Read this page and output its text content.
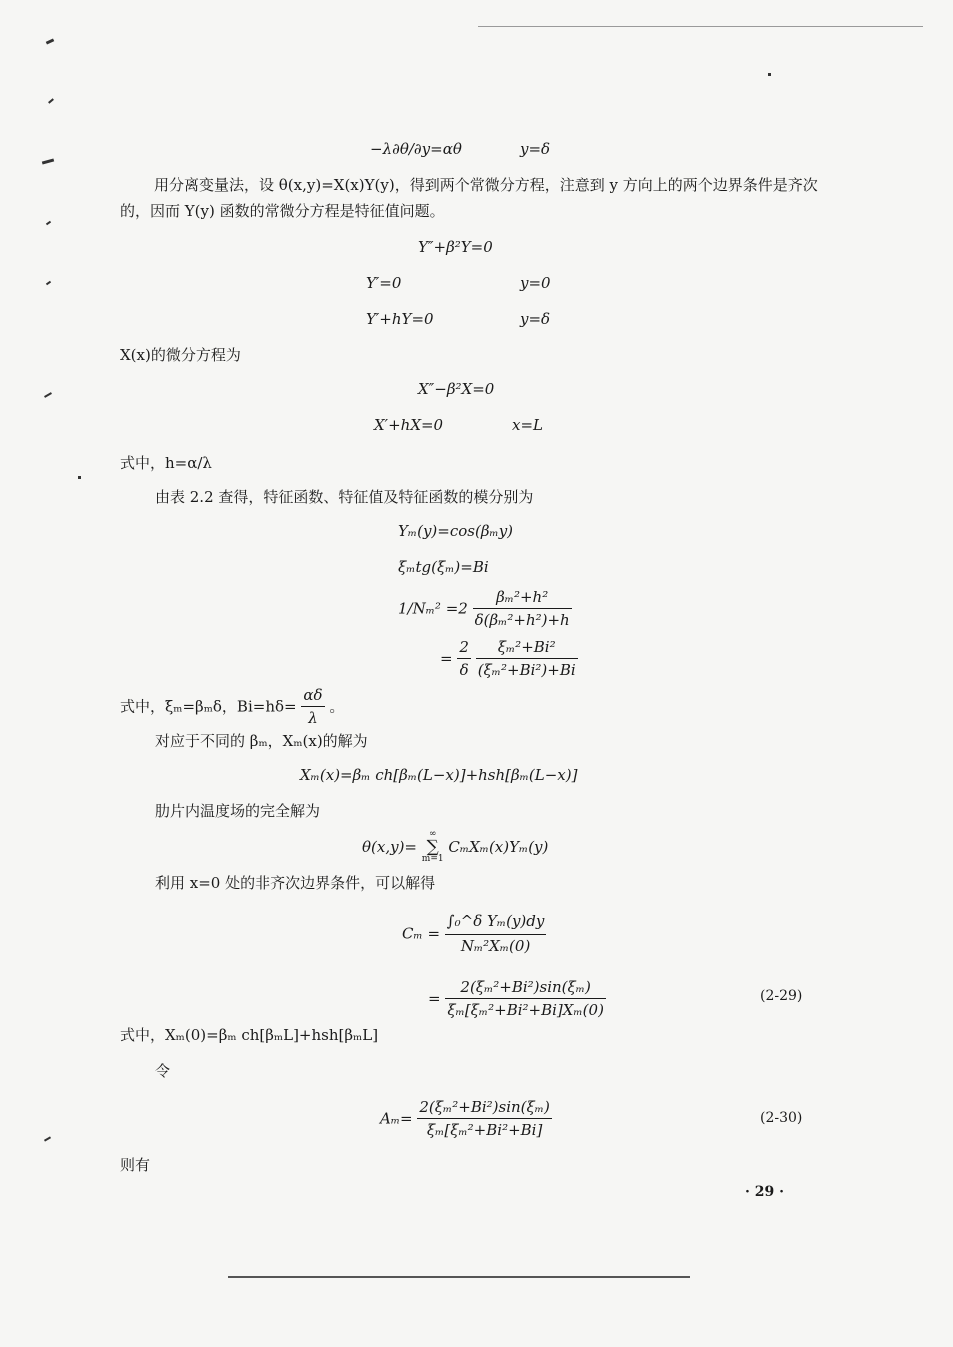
−λ∂θ/∂y=αθ	y=δ
用分离变量法，设 θ(x,y)=X(x)Y(y)，得到两个常微分方程，注意到 y 方向上的两个边界条件是齐次的，因而 Y(y) 函数的常微分方程是特征值问题。
Y″+β²Y=0
Y′=0	y=0
Y′+hY=0	y=δ
X(x)的微分方程为
X″−β²X=0
X′+hX=0	x=L
式中，h=α/λ
由表 2.2 查得，特征函数、特征值及特征函数的模分别为
Yₘ(y)=cos(βₘy)
ξₘtg(ξₘ)=Bi
$1/N_m^2 =2 \frac{\text{βₘ²+h²}}{\text{δ(βₘ²+h²)+h}}$
= $\frac{2}{\delta}$
$\frac{\text{ξₘ²+Bi²}}{\text{(ξₘ²+Bi²)+Bi}}$
式中，ξₘ=βₘδ，$Bi=h\delta= \frac{\alpha\delta}{\lambda}$ 。
对应于不同的 βₘ，Xₘ(x)的解为
Xₘ(x)=βₘ ch[βₘ(L−x)]+hsh[βₘ(L−x)]
肋片内温度场的完全解为
θ(x,y)=
∞
∑
m=1
CₘXₘ(x)Yₘ(y)
利用 x=0 处的非齐次边界条件，可以解得
$C_m = \frac{\text{∫₀\textasciicircum{}δ Yₘ(y)dy}}{\text{Nₘ²Xₘ(0)}}$
= $\frac{\text{2(ξₘ²+Bi²)sin(ξₘ)}}{\text{ξₘ[ξₘ²+Bi²+Bi]Xₘ(0)}}$	(2-29)
式中，Xₘ(0)=βₘ ch[βₘL]+hsh[βₘL]
令
$A_m= \frac{\text{2(ξₘ²+Bi²)sin(ξₘ)}}{\text{ξₘ[ξₘ²+Bi²+Bi]}}$	(2-30)
则有
· 29 ·
